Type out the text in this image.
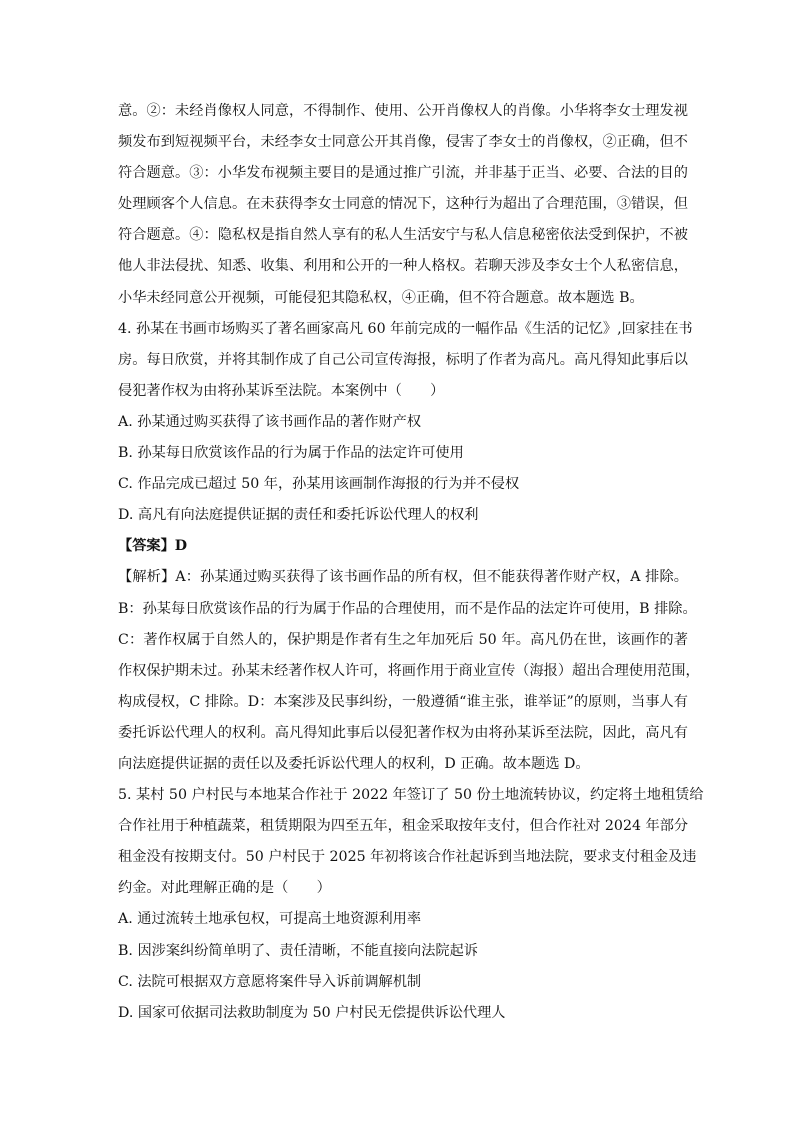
意。②：未经肖像权人同意，不得制作、使用、公开肖像权人的肖像。小华将李女士理发视
频发布到短视频平台，未经李女士同意公开其肖像，侵害了李女士的肖像权，②正确，但不
符合题意。③：小华发布视频主要目的是通过推广引流，并非基于正当、必要、合法的目的
处理顾客个人信息。在未获得李女士同意的情况下，这种行为超出了合理范围，③错误，但
符合题意。④：隐私权是指自然人享有的私人生活安宁与私人信息秘密依法受到保护，不被
他人非法侵扰、知悉、收集、利用和公开的一种人格权。若聊天涉及李女士个人私密信息，
小华未经同意公开视频，可能侵犯其隐私权，④正确，但不符合题意。故本题选 B。
4. 孙某在书画市场购买了著名画家高凡 60 年前完成的一幅作品《生活的记忆》,回家挂在书
房。每日欣赏，并将其制作成了自己公司宣传海报，标明了作者为高凡。高凡得知此事后以
侵犯著作权为由将孙某诉至法院。本案例中（　　）
A. 孙某通过购买获得了该书画作品的著作财产权
B. 孙某每日欣赏该作品的行为属于作品的法定许可使用
C. 作品完成已超过 50 年，孙某用该画制作海报的行为并不侵权
D. 高凡有向法庭提供证据的责任和委托诉讼代理人的权利
【答案】D
【解析】A：孙某通过购买获得了该书画作品的所有权，但不能获得著作财产权，A 排除。
B：孙某每日欣赏该作品的行为属于作品的合理使用，而不是作品的法定许可使用，B 排除。
C：著作权属于自然人的，保护期是作者有生之年加死后 50 年。高凡仍在世，该画作的著
作权保护期未过。孙某未经著作权人许可，将画作用于商业宣传（海报）超出合理使用范围，
构成侵权，C 排除。D：本案涉及民事纠纷，一般遵循“谁主张，谁举证”的原则，当事人有
委托诉讼代理人的权利。高凡得知此事后以侵犯著作权为由将孙某诉至法院，因此，高凡有
向法庭提供证据的责任以及委托诉讼代理人的权利，D 正确。故本题选 D。
5. 某村 50 户村民与本地某合作社于 2022 年签订了 50 份土地流转协议，约定将土地租赁给
合作社用于种植蔬菜，租赁期限为四至五年，租金采取按年支付，但合作社对 2024 年部分
租金没有按期支付。50 户村民于 2025 年初将该合作社起诉到当地法院，要求支付租金及违
约金。对此理解正确的是（　　）
A. 通过流转土地承包权，可提高土地资源利用率
B. 因涉案纠纷简单明了、责任清晰，不能直接向法院起诉
C. 法院可根据双方意愿将案件导入诉前调解机制
D. 国家可依据司法救助制度为 50 户村民无偿提供诉讼代理人
